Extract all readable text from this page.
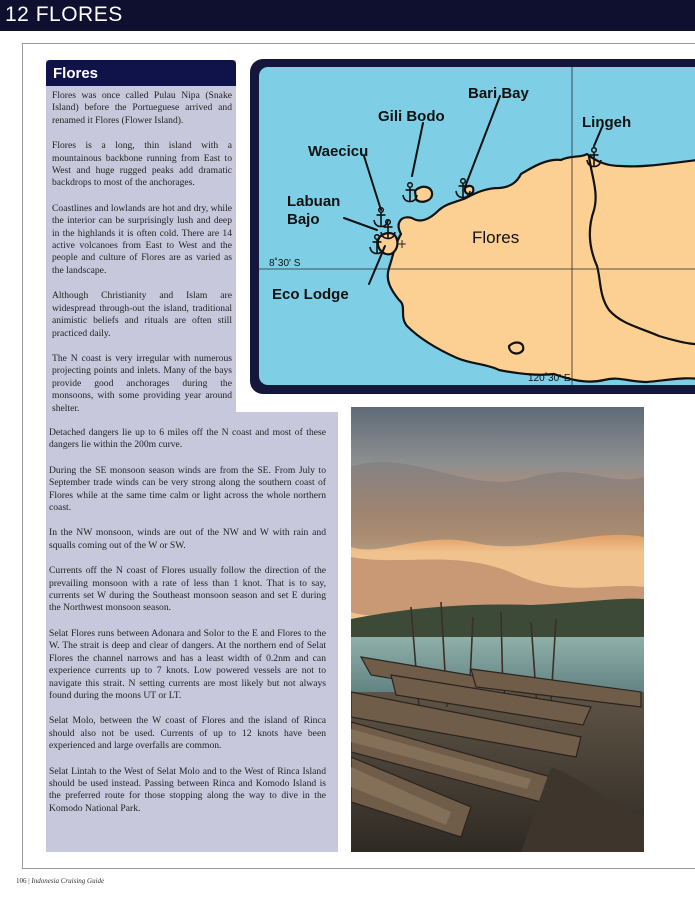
12 FLORES
Flores

Flores was once called Pulau Nipa (Snake Island) before the Portueguese arrived and renamed it Flores (Flower Island).

Flores is a long, thin island with a mountainous backbone running from East to West and huge rugged peaks add dramatic backdrops to most of the anchorages.

Coastlines and lowlands are hot and dry, while the interior can be surprisingly lush and deep in the highlands it is often cold. There are 14 active volcanoes from East to West and the people and culture of Flores are as varied as the landscape.

Although Christianity and Islam are widespread through-out the island, traditional animistic beliefs and rituals are often still practiced daily.

The N coast is very irregular with numerous projecting points and inlets. Many of the bays provide good anchorages during the monsoons, with some providing year around shelter.

Detached dangers lie up to 6 miles off the N coast and most of these dangers lie within the 200m curve.

During the SE monsoon season winds are from the SE. From July to September trade winds can be very strong along the southern coast of Flores while at the same time calm or light across the whole northern coast.

In the NW monsoon, winds are out of the NW and W with rain and squalls coming out of the W or SW.

Currents off the N coast of Flores usually follow the direction of the prevailing monsoon with a rate of less than 1 knot. That is to say, currents set W during the Southeast monsoon season and set E during the Northwest monsoon season.

Selat Flores runs between Adonara and Solor to the E and Flores to the W. The strait is deep and clear of dangers. At the northern end of Selat Flores the channel narrows and has a least width of 0.2nm and can experience currents up to 7 knots. Low powered vessels are not to navigate this strait. N setting currents are most likely but not always found during the moons UT or LT.

Selat Molo, between the W coast of Flores and the island of Rinca should also not be used. Currents of up to 12 knots have been experienced and large overfalls are common.

Selat Lintah to the West of Selat Molo and to the West of Rinca Island should be used instead. Passing between Rinca and Komodo Island is the preferred route for those stopping along the way to dive in the Komodo National Park.

+
Bari Bay
Gili Bodo	Lingeh
Waecicu
Labuan
Bajo
Eco Lodge
Flores
8˚30' S
120˚30' E
106 | Indonesia Cruising Guide
